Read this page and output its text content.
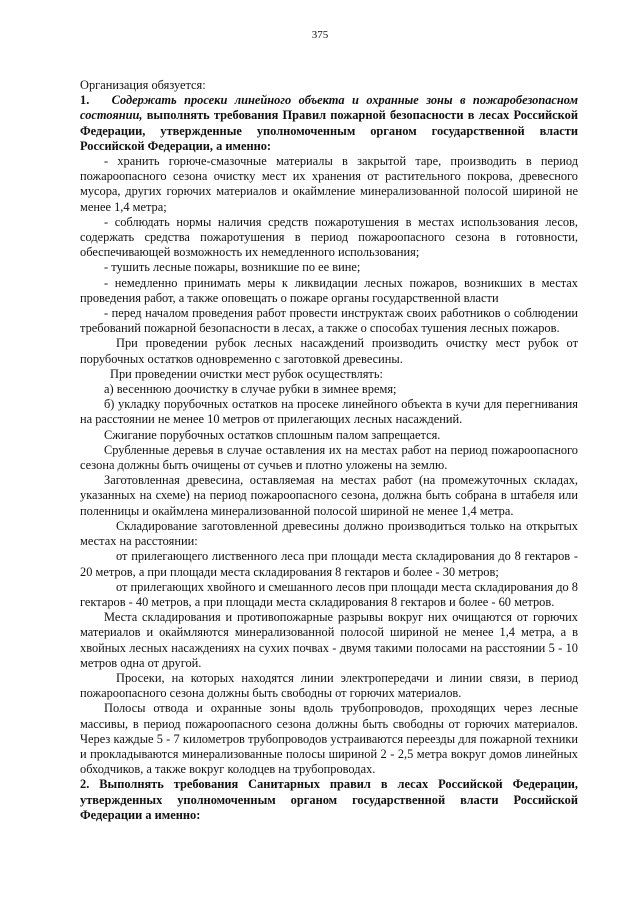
375

Организация обязуется:

1. Содержать просеки линейного объекта и охранные зоны в пожаробезопасном состоянии, выполнять требования Правил пожарной безопасности в лесах Российской Федерации, утвержденные уполномоченным органом государственной власти Российской Федерации, а именно:

- хранить горюче-смазочные материалы в закрытой таре, производить в период пожароопасного сезона очистку мест их хранения от растительного покрова, древесного мусора, других горючих материалов и окаймление минерализованной полосой шириной не менее 1,4 метра;

- соблюдать нормы наличия средств пожаротушения в местах использования лесов, содержать средства пожаротушения в период пожароопасного сезона в готовности, обеспечивающей возможность их немедленного использования;

- тушить лесные пожары, возникшие по ее вине;

- немедленно принимать меры к ликвидации лесных пожаров, возникших в местах проведения работ, а также оповещать о пожаре органы государственной власти

- перед началом проведения работ провести инструктаж своих работников о соблюдении требований пожарной безопасности в лесах, а также о способах тушения лесных пожаров.

При проведении рубок лесных насаждений производить очистку мест рубок от порубочных остатков одновременно с заготовкой древесины.

При проведении очистки мест рубок осуществлять:

а) весеннюю доочистку в случае рубки в зимнее время;

б) укладку порубочных остатков на просеке линейного объекта в кучи для перегнивания на расстоянии не менее 10 метров от прилегающих лесных насаждений.

Сжигание порубочных остатков сплошным палом запрещается.

Срубленные деревья в случае оставления их на местах работ на период пожароопасного сезона должны быть очищены от сучьев и плотно уложены на землю.

Заготовленная древесина, оставляемая на местах работ (на промежуточных складах, указанных на схеме) на период пожароопасного сезона, должна быть собрана в штабеля или поленницы и окаймлена минерализованной полосой шириной не менее 1,4 метра.

Складирование заготовленной древесины должно производиться только на открытых местах на расстоянии:

от прилегающего лиственного леса при площади места складирования до 8 гектаров - 20 метров, а при площади места складирования 8 гектаров и более - 30 метров;

от прилегающих хвойного и смешанного лесов при площади места складирования до 8 гектаров - 40 метров, а при площади места складирования 8 гектаров и более - 60 метров.

Места складирования и противопожарные разрывы вокруг них очищаются от горючих материалов и окаймляются минерализованной полосой шириной не менее 1,4 метра, а в хвойных лесных насаждениях на сухих почвах - двумя такими полосами на расстоянии 5 - 10 метров одна от другой.

Просеки, на которых находятся линии электропередачи и линии связи, в период пожароопасного сезона должны быть свободны от горючих материалов.

Полосы отвода и охранные зоны вдоль трубопроводов, проходящих через лесные массивы, в период пожароопасного сезона должны быть свободны от горючих материалов. Через каждые 5 - 7 километров трубопроводов устраиваются переезды для пожарной техники и прокладываются минерализованные полосы шириной 2 - 2,5 метра вокруг домов линейных обходчиков, а также вокруг колодцев на трубопроводах.

2. Выполнять требования Санитарных правил в лесах Российской Федерации, утвержденных уполномоченным органом государственной власти Российской Федерации а именно:
